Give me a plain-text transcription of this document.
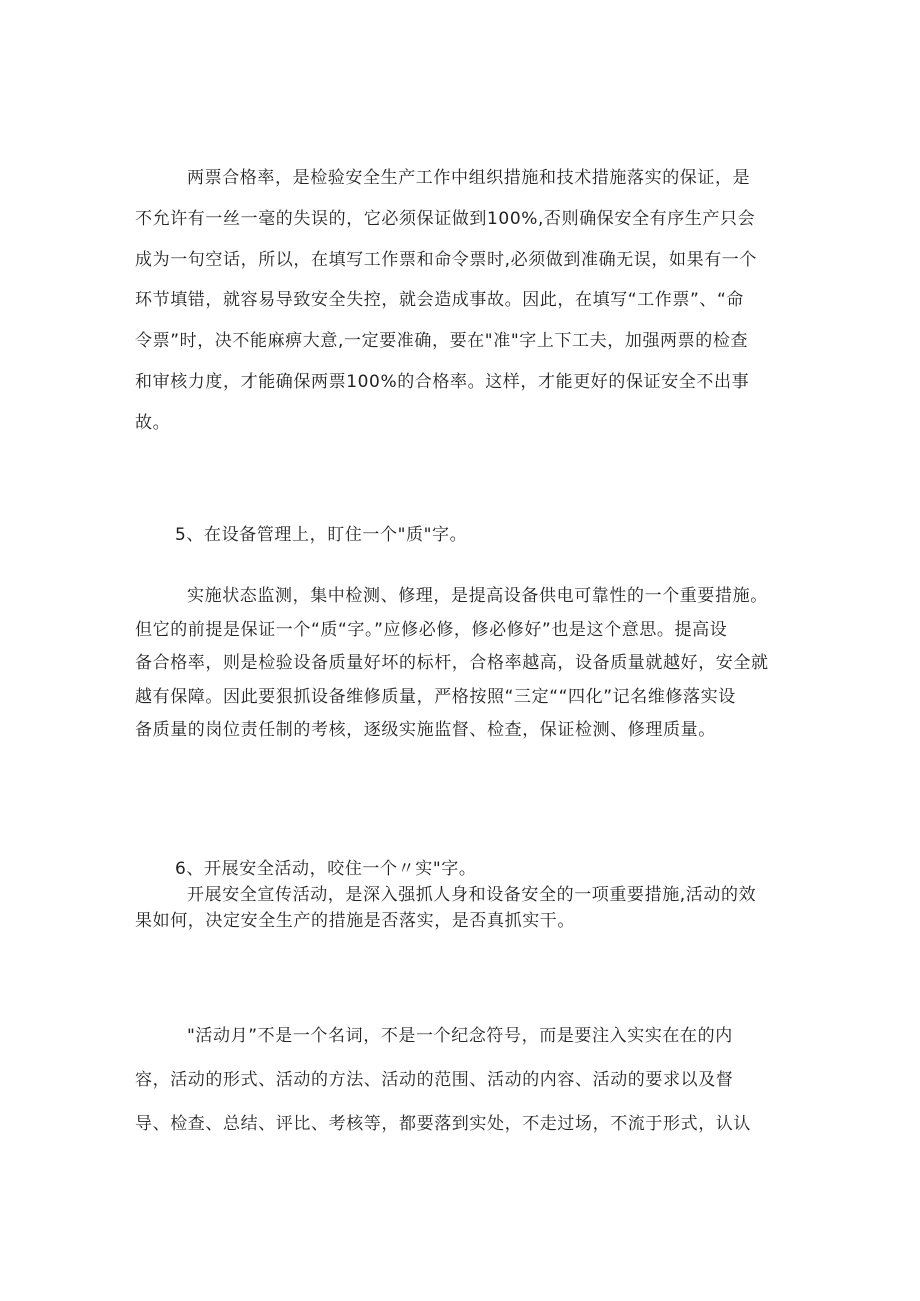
两票合格率，是检验安全生产工作中组织措施和技术措施落实的保证，是
不允许有一丝一毫的失误的，它必须保证做到100%,否则确保安全有序生产只会
成为一句空话，所以，在填写工作票和命令票时,必须做到准确无误，如果有一个
环节填错，就容易导致安全失控，就会造成事故。因此，在填写“工作票”、“命
令票”时，决不能麻痹大意,一定要准确，要在"准"字上下工夫，加强两票的检查
和审核力度，才能确保两票100%的合格率。这样，才能更好的保证安全不出事
故。

5、在设备管理上，盯住一个"质"字。

实施状态监测，集中检测、修理，是提高设备供电可靠性的一个重要措施。
但它的前提是保证一个“质“字。”应修必修，修必修好”也是这个意思。提高设
备合格率，则是检验设备质量好坏的标杆，合格率越高，设备质量就越好，安全就
越有保障。因此要狠抓设备维修质量，严格按照“三定““四化”记名维修落实设
备质量的岗位责任制的考核，逐级实施监督、检查，保证检测、修理质量。

6、开展安全活动，咬住一个〃实"字。
开展安全宣传活动，是深入强抓人身和设备安全的一项重要措施,活动的效
果如何，决定安全生产的措施是否落实，是否真抓实干。

"活动月”不是一个名词，不是一个纪念符号，而是要注入实实在在的内
容，活动的形式、活动的方法、活动的范围、活动的内容、活动的要求以及督
导、检查、总结、评比、考核等，都要落到实处，不走过场，不流于形式，认认
